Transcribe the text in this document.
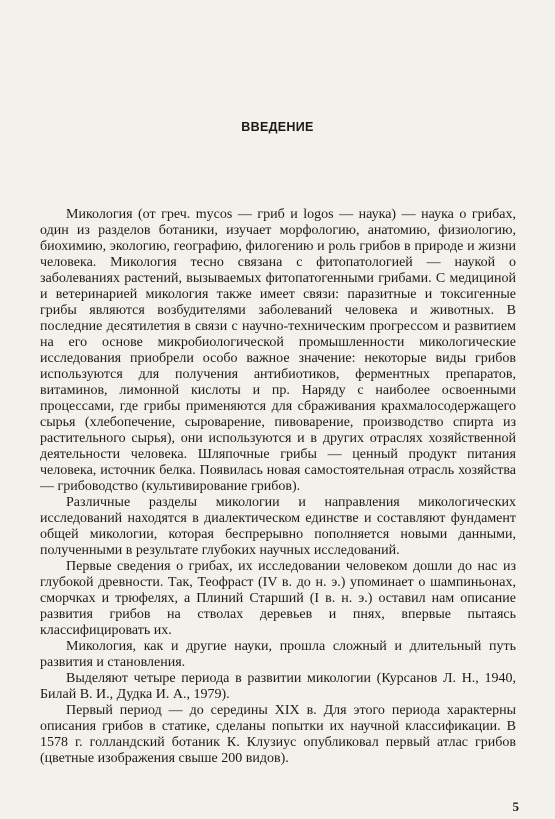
ВВЕДЕНИЕ

Микология (от греч. mycos — гриб и logos — наука) — наука о грибах, один из разделов ботаники, изучает морфологию, анатомию, физиологию, биохимию, экологию, географию, филогению и роль грибов в природе и жизни человека. Микология тесно связана с фитопатологией — наукой о заболеваниях растений, вызываемых фитопатогенными грибами. С медициной и ветеринарией микология также имеет связи: паразитные и токсигенные грибы являются возбудителями заболеваний человека и животных. В последние десятилетия в связи с научно-техническим прогрессом и развитием на его основе микробиологической промышленности микологические исследования приобрели особо важное значение: некоторые виды грибов используются для получения антибиотиков, ферментных препаратов, витаминов, лимонной кислоты и пр. Наряду с наиболее освоенными процессами, где грибы применяются для сбраживания крахмалосодержащего сырья (хлебопечение, сыроварение, пивоварение, производство спирта из растительного сырья), они используются и в других отраслях хозяйственной деятельности человека. Шляпочные грибы — ценный продукт питания человека, источник белка. Появилась новая самостоятельная отрасль хозяйства — грибоводство (культивирование грибов).

Различные разделы микологии и направления микологических исследований находятся в диалектическом единстве и составляют фундамент общей микологии, которая беспрерывно пополняется новыми данными, полученными в результате глубоких научных исследований.

Первые сведения о грибах, их исследовании человеком дошли до нас из глубокой древности. Так, Теофраст (IV в. до н. э.) упоминает о шампиньонах, сморчках и трюфелях, а Плиний Старший (I в. н. э.) оставил нам описание развития грибов на стволах деревьев и пнях, впервые пытаясь классифицировать их.

Микология, как и другие науки, прошла сложный и длительный путь развития и становления.

Выделяют четыре периода в развитии микологии (Курсанов Л. Н., 1940, Билай В. И., Дудка И. А., 1979).

Первый период — до середины XIX в. Для этого периода характерны описания грибов в статике, сделаны попытки их научной классификации. В 1578 г. голландский ботаник К. Клузиус опубликовал первый атлас грибов (цветные изображения свыше 200 видов).

5
